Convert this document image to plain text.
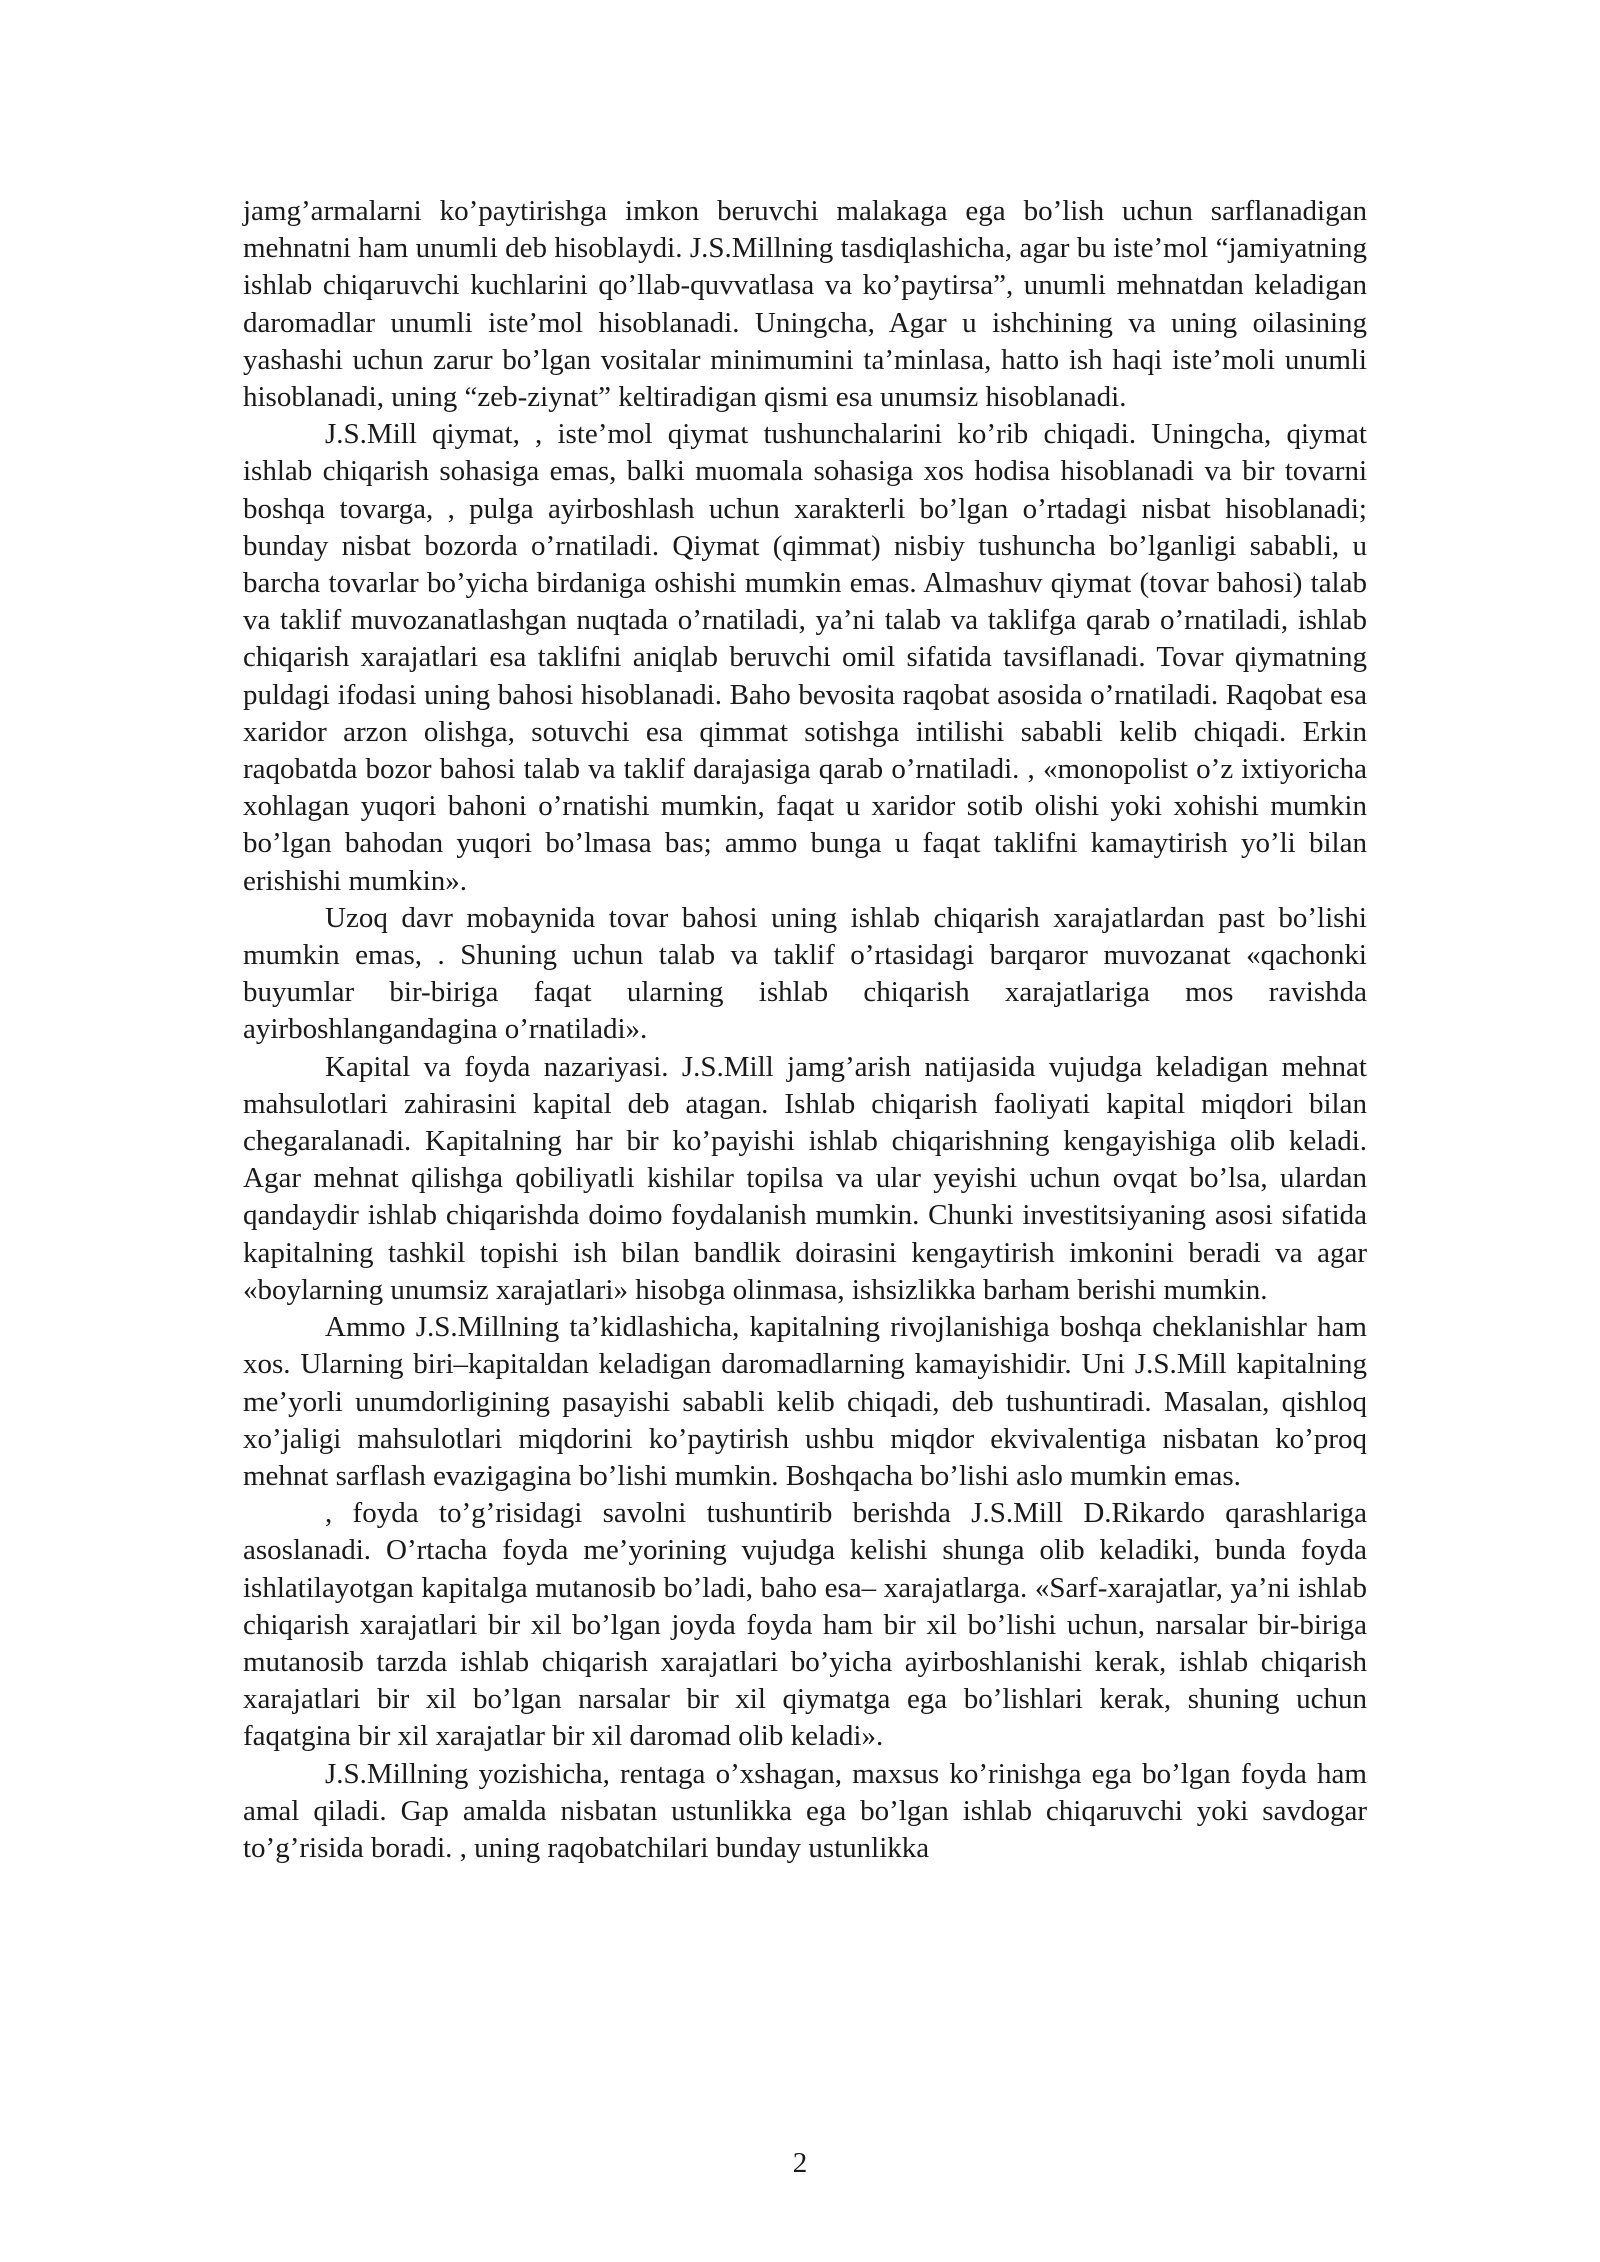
jamg’armalarni ko’paytirishga imkon beruvchi malakaga ega bo’lish uchun sarflanadigan mehnatni ham unumli deb hisoblaydi. J.S.Millning tasdiqlashicha, agar bu iste’mol “jamiyatning ishlab chiqaruvchi kuchlarini qo’llab-quvvatlasa va ko’paytirsa”, unumli mehnatdan keladigan daromadlar unumli iste’mol hisoblanadi. Uningcha, Agar u ishchining va uning oilasining yashashi uchun zarur bo’lgan vositalar minimumini ta’minlasa, hatto ish haqi iste’moli unumli hisoblanadi, uning “zeb-ziynat” keltiradigan qismi esa unumsiz hisoblanadi.

J.S.Mill qiymat, , iste’mol qiymat tushunchalarini ko’rib chiqadi. Uningcha, qiymat ishlab chiqarish sohasiga emas, balki muomala sohasiga xos hodisa hisoblanadi va bir tovarni boshqa tovarga, , pulga ayirboshlash uchun xarakterli bo’lgan o’rtadagi nisbat hisoblanadi; bunday nisbat bozorda o’rnatiladi. Qiymat (qimmat) nisbiy tushuncha bo’lganligi sababli, u barcha tovarlar bo’yicha birdaniga oshishi mumkin emas. Almashuv qiymat (tovar bahosi) talab va taklif muvozanatlashgan nuqtada o’rnatiladi, ya’ni talab va taklifga qarab o’rnatiladi, ishlab chiqarish xarajatlari esa taklifni aniqlab beruvchi omil sifatida tavsiflanadi. Tovar qiymatning puldagi ifodasi uning bahosi hisoblanadi. Baho bevosita raqobat asosida o’rnatiladi. Raqobat esa xaridor arzon olishga, sotuvchi esa qimmat sotishga intilishi sababli kelib chiqadi. Erkin raqobatda bozor bahosi talab va taklif darajasiga qarab o’rnatiladi. , «monopolist o’z ixtiyoricha xohlagan yuqori bahoni o’rnatishi mumkin, faqat u xaridor sotib olishi yoki xohishi mumkin bo’lgan bahodan yuqori bo’lmasa bas; ammo bunga u faqat taklifni kamaytirish yo’li bilan erishishi mumkin».

Uzoq davr mobaynida tovar bahosi uning ishlab chiqarish xarajatlardan past bo’lishi mumkin emas, . Shuning uchun talab va taklif o’rtasidagi barqaror muvozanat «qachonki buyumlar bir-biriga faqat ularning ishlab chiqarish xarajatlariga mos ravishda ayirboshlangandagina o’rnatiladi».

Kapital va foyda nazariyasi. J.S.Mill jamg’arish natijasida vujudga keladigan mehnat mahsulotlari zahirasini kapital deb atagan. Ishlab chiqarish faoliyati kapital miqdori bilan chegaralanadi. Kapitalning har bir ko’payishi ishlab chiqarishning kengayishiga olib keladi. Agar mehnat qilishga qobiliyatli kishilar topilsa va ular yeyishi uchun ovqat bo’lsa, ulardan qandaydir ishlab chiqarishda doimo foydalanish mumkin. Chunki investitsiyaning asosi sifatida kapitalning tashkil topishi ish bilan bandlik doirasini kengaytirish imkonini beradi va agar «boylarning unumsiz xarajatlari» hisobga olinmasa, ishsizlikka barham berishi mumkin.

Ammo J.S.Millning ta’kidlashicha, kapitalning rivojlanishiga boshqa cheklanishlar ham xos. Ularning biri–kapitaldan keladigan daromadlarning kamayishidir. Uni J.S.Mill kapitalning me’yorli unumdorligining pasayishi sababli kelib chiqadi, deb tushuntiradi. Masalan, qishloq xo’jaligi mahsulotlari miqdorini ko’paytirish ushbu miqdor ekvivalentiga nisbatan ko’proq mehnat sarflash evazigagina bo’lishi mumkin. Boshqacha bo’lishi aslo mumkin emas.

, foyda to’g’risidagi savolni tushuntirib berishda J.S.Mill D.Rikardo qarashlariga asoslanadi. O’rtacha foyda me’yorining vujudga kelishi shunga olib keladiki, bunda foyda ishlatilayotgan kapitalga mutanosib bo’ladi, baho esa– xarajatlarga. «Sarf-xarajatlar, ya’ni ishlab chiqarish xarajatlari bir xil bo’lgan joyda foyda ham bir xil bo’lishi uchun, narsalar bir-biriga mutanosib tarzda ishlab chiqarish xarajatlari bo’yicha ayirboshlanishi kerak, ishlab chiqarish xarajatlari bir xil bo’lgan narsalar bir xil qiymatga ega bo’lishlari kerak, shuning uchun faqatgina bir xil xarajatlar bir xil daromad olib keladi».

J.S.Millning yozishicha, rentaga o’xshagan, maxsus ko’rinishga ega bo’lgan foyda ham amal qiladi. Gap amalda nisbatan ustunlikka ega bo’lgan ishlab chiqaruvchi yoki savdogar to’g’risida boradi. , uning raqobatchilari bunday ustunlikka

2
